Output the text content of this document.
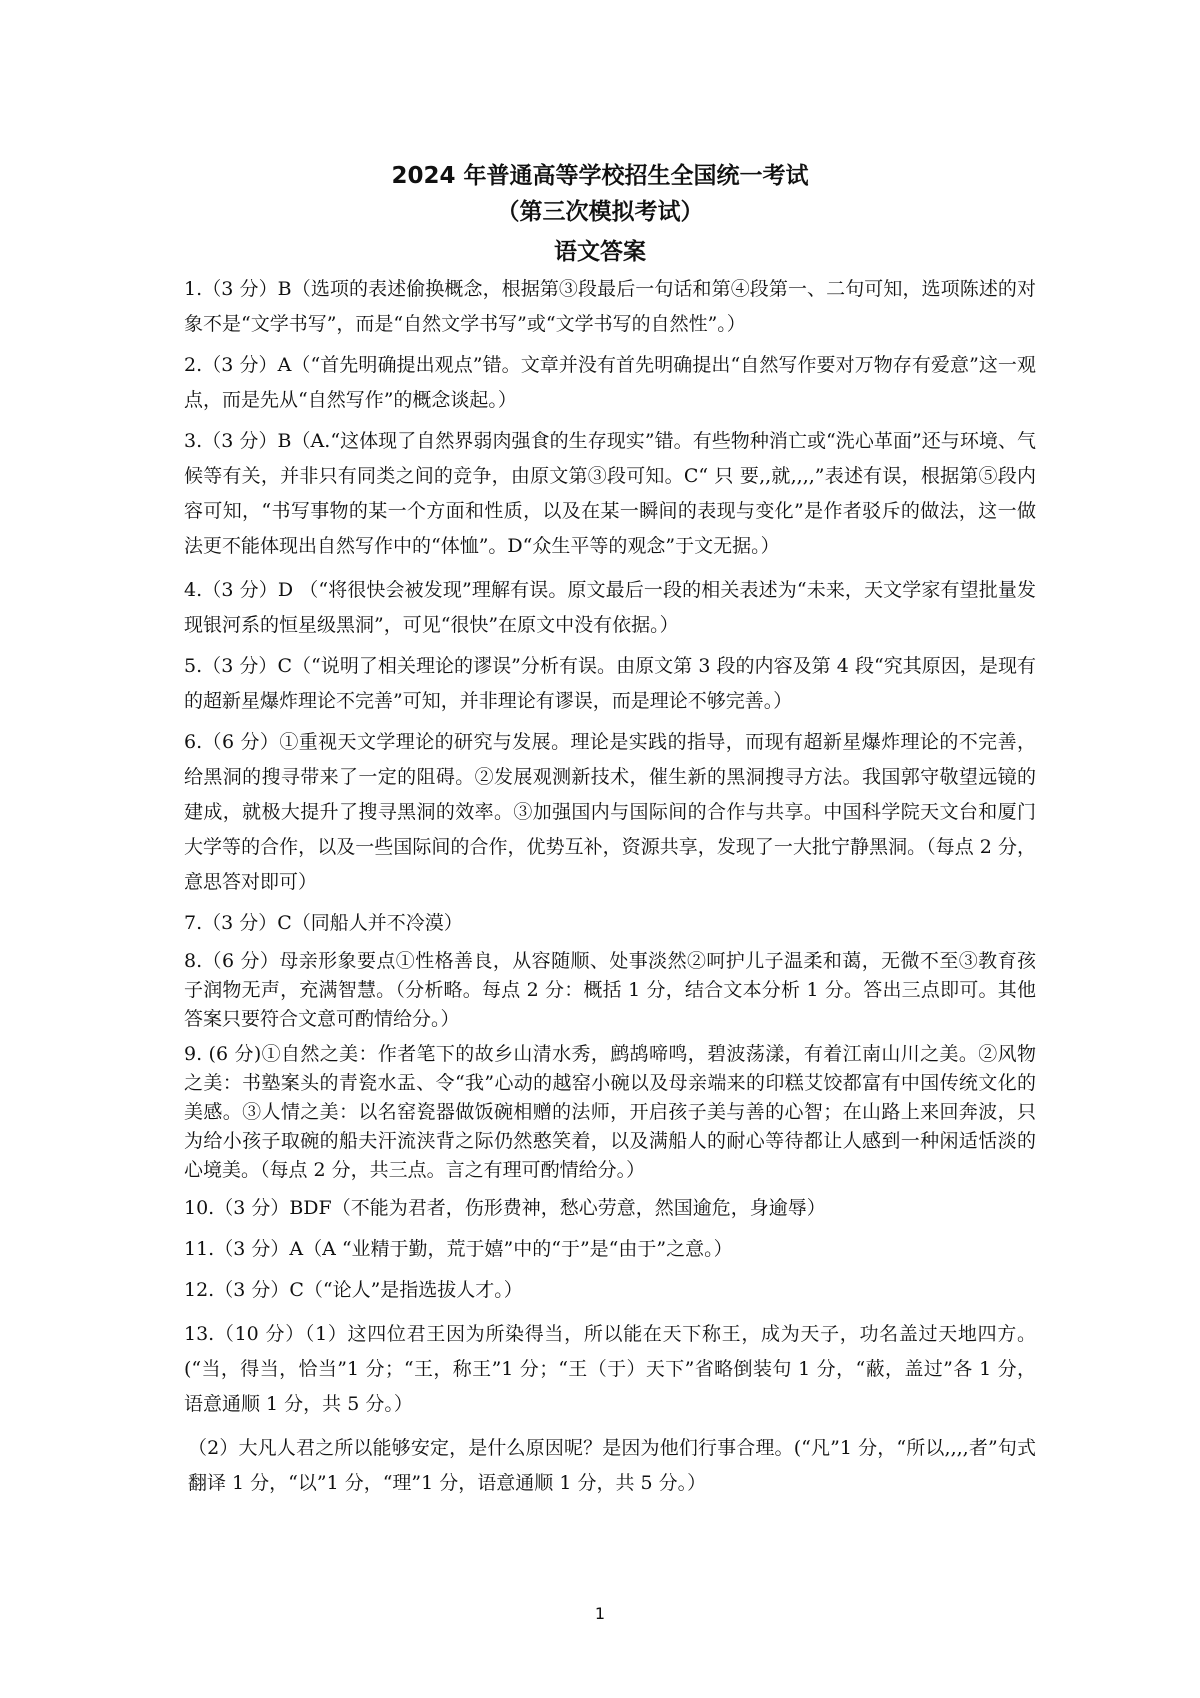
2024 年普通高等学校招生全国统一考试
（第三次模拟考试）
语文答案

1.（3 分）B（选项的表述偷换概念，根据第③段最后一句话和第④段第一、二句可知，选项陈述的对象不是“文学书写”，而是“自然文学书写”或“文学书写的自然性”。）

2.（3 分）A（“首先明确提出观点”错。文章并没有首先明确提出“自然写作要对万物存有爱意”这一观点，而是先从“自然写作”的概念谈起。）

3.（3 分）B（A.“这体现了自然界弱肉强食的生存现实”错。有些物种消亡或“洗心革面”还与环境、气候等有关，并非只有同类之间的竞争，由原文第③段可知。C“ 只 要,,就,,,,”表述有误，根据第⑤段内容可知，“书写事物的某一个方面和性质，以及在某一瞬间的表现与变化”是作者驳斥的做法，这一做法更不能体现出自然写作中的“体恤”。D“众生平等的观念”于文无据。）

4.（3 分）D （“将很快会被发现”理解有误。原文最后一段的相关表述为“未来，天文学家有望批量发现银河系的恒星级黑洞”，可见“很快”在原文中没有依据。）

5.（3 分）C（“说明了相关理论的谬误”分析有误。由原文第 3 段的内容及第 4 段“究其原因，是现有的超新星爆炸理论不完善”可知，并非理论有谬误，而是理论不够完善。）

6.（6 分）①重视天文学理论的研究与发展。理论是实践的指导，而现有超新星爆炸理论的不完善，给黑洞的搜寻带来了一定的阻碍。②发展观测新技术，催生新的黑洞搜寻方法。我国郭守敬望远镜的建成，就极大提升了搜寻黑洞的效率。③加强国内与国际间的合作与共享。中国科学院天文台和厦门大学等的合作，以及一些国际间的合作，优势互补，资源共享，发现了一大批宁静黑洞。（每点 2 分，意思答对即可）

7.（3 分）C（同船人并不冷漠）

8.（6 分）母亲形象要点①性格善良，从容随顺、处事淡然②呵护儿子温柔和蔼，无微不至③教育孩子润物无声，充满智慧。（分析略。每点 2 分：概括 1 分，结合文本分析 1 分。答出三点即可。其他答案只要符合文意可酌情给分。）

9. (6 分)①自然之美：作者笔下的故乡山清水秀，鹧鸪啼鸣，碧波荡漾，有着江南山川之美。②风物之美：书塾案头的青瓷水盂、令“我”心动的越窑小碗以及母亲端来的印糕艾饺都富有中国传统文化的美感。③人情之美：以名窑瓷器做饭碗相赠的法师，开启孩子美与善的心智；在山路上来回奔波，只为给小孩子取碗的船夫汗流浃背之际仍然憨笑着，以及满船人的耐心等待都让人感到一种闲适恬淡的心境美。（每点 2 分，共三点。言之有理可酌情给分。）

10.（3 分）BDF（不能为君者，伤形费神，愁心劳意，然国逾危，身逾辱）

11.（3 分）A（A “业精于勤，荒于嬉”中的“于”是“由于”之意。）

12.（3 分）C（“论人”是指选拔人才。）

13.（10 分）（1）这四位君王因为所染得当，所以能在天下称王，成为天子，功名盖过天地四方。(“当，得当，恰当”1 分；“王，称王”1 分；“王（于）天下”省略倒装句 1 分，“蔽，盖过”各 1 分，语意通顺 1 分，共 5 分。）

（2）大凡人君之所以能够安定，是什么原因呢？是因为他们行事合理。(“凡”1 分，“所以,,,,者”句式翻译 1 分，“以”1 分，“理”1 分，语意通顺 1 分，共 5 分。）

1
